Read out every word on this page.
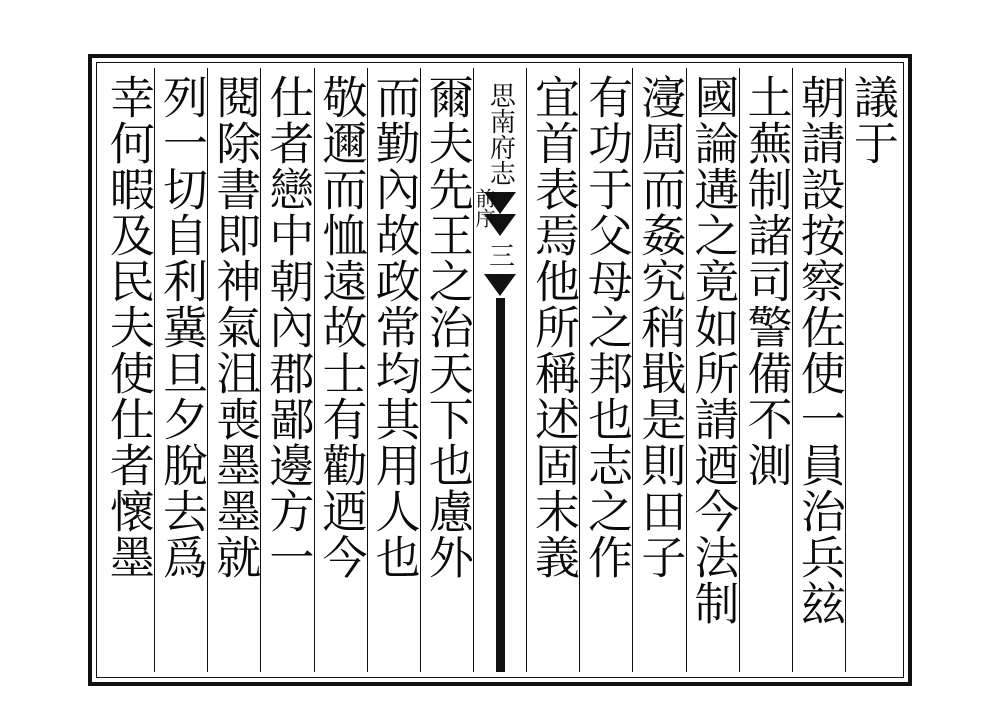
幸何暇及民夫使仕者懷墨 列一切自利冀旦夕脫去爲 閱除書即神氣沮喪墨墨就 仕者戀中朝內郡鄙邊方一 敬邇而恤遠故士有勸迺今 而勤內故政常均其用人也 爾夫先王之治天下也慮外 思南府志
前序
三 宜首表焉他所稱述固末義 有功于父母之邦也志之作 濅周而姦究稍戢是則田子 國論遘之竟如所請迺今法制 土蕪制諸司警備不測 朝請設按察佐使一員治兵玆 議于
